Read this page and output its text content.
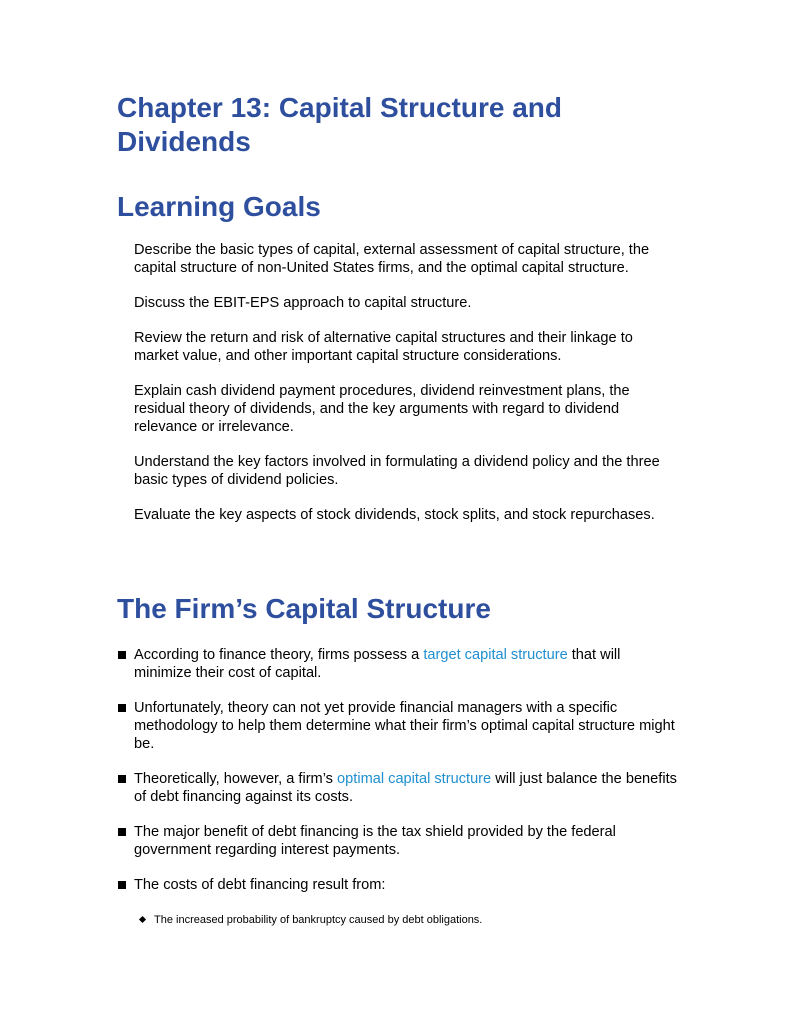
Chapter 13: Capital Structure and Dividends
Learning Goals

Describe the basic types of capital, external assessment of capital structure, the capital structure of non-United States firms, and the optimal capital structure.

Discuss the EBIT-EPS approach to capital structure.

Review the return and risk of alternative capital structures and their linkage to market value, and other important capital structure considerations.

Explain cash dividend payment procedures, dividend reinvestment plans, the residual theory of dividends, and the key arguments with regard to dividend relevance or irrelevance.

Understand the key factors involved in formulating a dividend policy and the three basic types of dividend policies.

Evaluate the key aspects of stock dividends, stock splits, and stock repurchases.

The Firm’s Capital Structure
According to finance theory, firms possess a target capital structure that will minimize their cost of capital.
Unfortunately, theory can not yet provide financial managers with a specific methodology to help them determine what their firm’s optimal capital structure might be.
Theoretically, however, a firm’s optimal capital structure will just balance the benefits of debt financing against its costs.
The major benefit of debt financing is the tax shield provided by the federal government regarding interest payments.
The costs of debt financing result from:
The increased probability of bankruptcy caused by debt obligations.
